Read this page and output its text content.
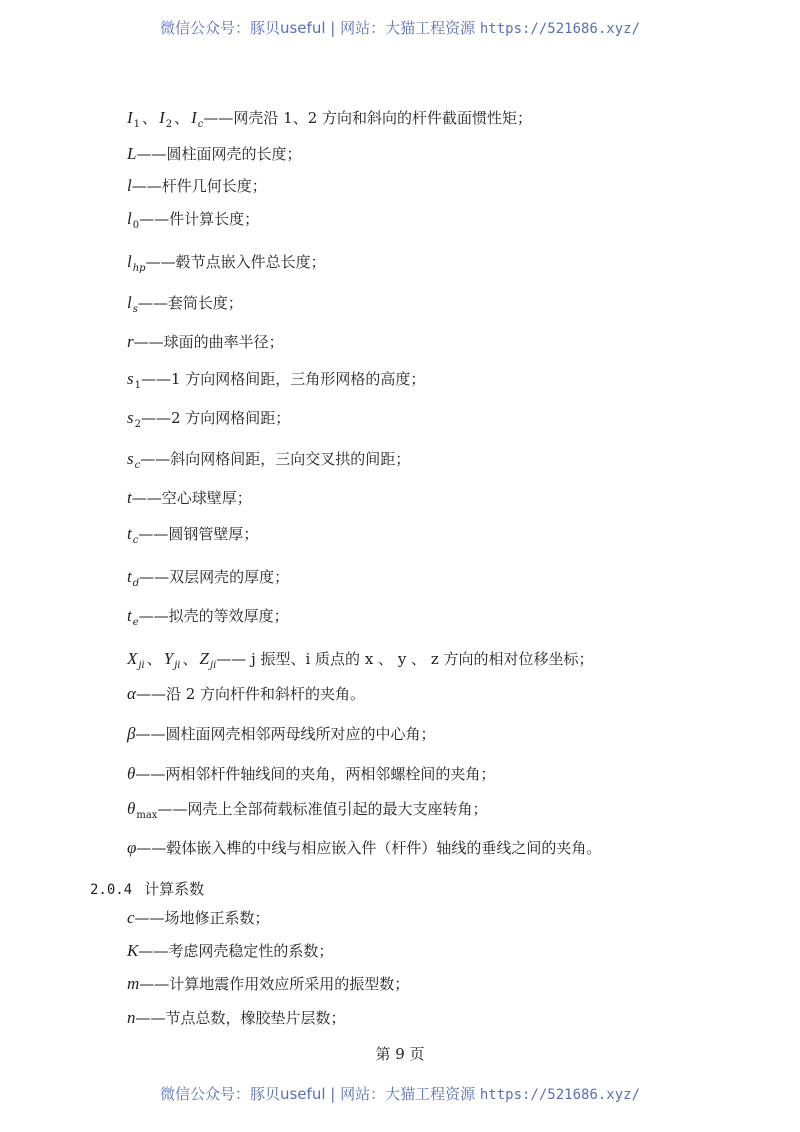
微信公众号：豚贝useful | 网站：大猫工程资源 https://521686.xyz/
$I_1$ 、 $I_2$ 、 $I_c——$网壳沿 1、2 方向和斜向的杆件截面惯性矩；
L——圆柱面网壳的长度；
l——杆件几何长度；
$l_0——$件计算长度；
$l_{hp}——$毂节点嵌入件总长度；
$l_s——$套筒长度；
r——球面的曲率半径；
$s_1——1$ 方向网格间距，三角形网格的高度；
$s_2——2$ 方向网格间距；
$s_c——$斜向网格间距，三向交叉拱的间距；
t——空心球壁厚；
$t_c——$圆钢管壁厚；
$t_d——$双层网壳的厚度；
$t_e——$拟壳的等效厚度；
$X_{ji}$ 、 $Y_{ji}$ 、 $Z_{ji}——$ j 振型、i 质点的 x 、 y 、 z 方向的相对位移坐标；
α——沿 2 方向杆件和斜杆的夹角。
β——圆柱面网壳相邻两母线所对应的中心角；
θ——两相邻杆件轴线间的夹角，两相邻螺栓间的夹角；
$\theta_{max}——$网壳上全部荷载标准值引起的最大支座转角；
φ——毂体嵌入榫的中线与相应嵌入件（杆件）轴线的垂线之间的夹角。
2.0.4 计算系数
c——场地修正系数；
K——考虑网壳稳定性的系数；
m——计算地震作用效应所采用的振型数；
n——节点总数，橡胶垫片层数；
第 9 页
微信公众号：豚贝useful | 网站：大猫工程资源 https://521686.xyz/
